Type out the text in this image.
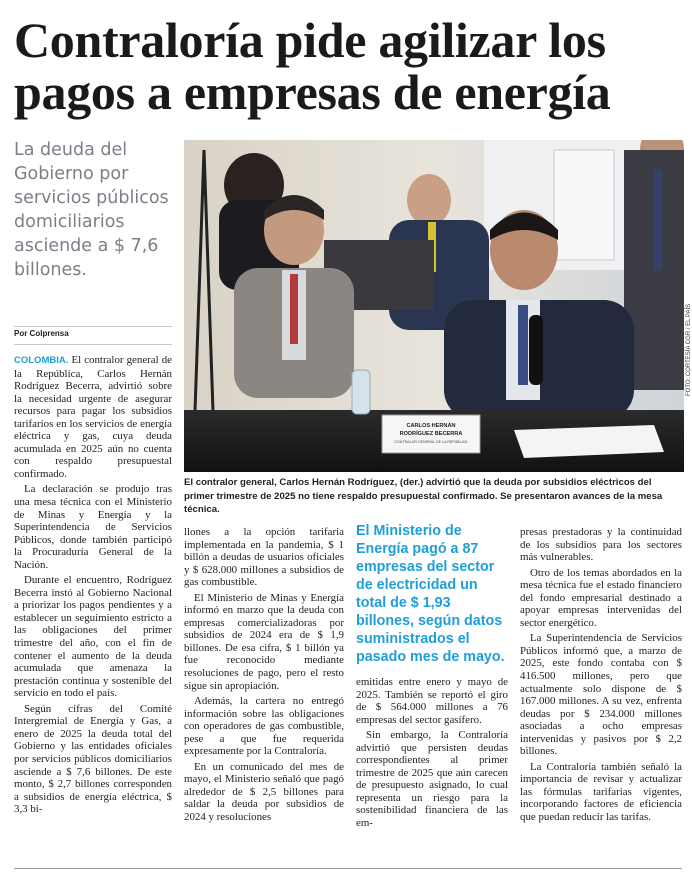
Contraloría pide agilizar los
pagos a empresas de energía
La deuda del Gobierno por servicios públicos domiciliarios asciende a $ 7,6 billones.
Por Colprensa
CARLOS HERNÁN
RODRÍGUEZ BECERRA
CONTRALOR GENERAL DE LA REPÚBLICA
FOTO: CORTESÍA CGR / EL PAÍS
El contralor general, Carlos Hernán Rodríguez, (der.) advirtió que la deuda por subsidios eléctricos del primer trimestre de 2025 no tiene respaldo presupuestal confirmado. Se presentaron avances de la mesa técnica.

COLOMBIA. El contralor general de la República, Carlos Hernán Rodríguez Becerra, advirtió sobre la necesidad urgente de asegurar recursos para pagar los subsidios tarifarios en los servicios de energía eléctrica y gas, cuya deuda acumulada en 2025 aún no cuenta con respaldo presupuestal confirmado.

La declaración se produjo tras una mesa técnica con el Ministerio de Minas y Energía y la Superintendencia de Servicios Públicos, donde también participó la Procuraduría General de la Nación.

Durante el encuentro, Rodríguez Becerra instó al Gobierno Nacional a priorizar los pagos pendientes y a establecer un seguimiento estricto a las obligaciones del primer trimestre del año, con el fin de contener el aumento de la deuda acumulada que amenaza la prestación continua y sostenible del servicio en todo el país.

Según cifras del Comité Intergremial de Energía y Gas, a enero de 2025 la deuda total del Gobierno y las entidades oficiales por servicios públicos domiciliarios asciende a $ 7,6 billones. De este monto, $ 2,7 billones corresponden a subsidios de energía eléctrica, $ 3,3 bi-

llones a la opción tarifaria implementada en la pandemia, $ 1 billón a deudas de usuarios oficiales y $ 628.000 millones a subsidios de gas combustible.

El Ministerio de Minas y Energía informó en marzo que la deuda con empresas comercializadoras por subsidios de 2024 era de $ 1,9 billones. De esa cifra, $ 1 billón ya fue reconocido mediante resoluciones de pago, pero el resto sigue sin apropiación.

Además, la cartera no entregó información sobre las obligaciones con operadores de gas combustible, pese a que fue requerida expresamente por la Contraloría.

En un comunicado del mes de mayo, el Ministerio señaló que pagó alrededor de $ 2,5 billones para saldar la deuda por subsidios de 2024 y resoluciones

El Ministerio de Energía pagó a 87 empresas del sector de electricidad un total de $ 1,93 billones, según datos suministrados el pasado mes de mayo.

emitidas entre enero y mayo de 2025. También se reportó el giro de $ 564.000 millones a 76 empresas del sector gasífero.

Sin embargo, la Contraloría advirtió que persisten deudas correspondientes al primer trimestre de 2025 que aún carecen de presupuesto asignado, lo cual representa un riesgo para la sostenibilidad financiera de las em-

presas prestadoras y la continuidad de los subsidios para los sectores más vulnerables.

Otro de los temas abordados en la mesa técnica fue el estado financiero del fondo empresarial destinado a apoyar empresas intervenidas del sector energético.

La Superintendencia de Servicios Públicos informó que, a marzo de 2025, este fondo contaba con $ 416.500 millones, pero que actualmente solo dispone de $ 167.000 millones. A su vez, enfrenta deudas por $ 234.000 millones asociadas a ocho empresas intervenidas y pasivos por $ 2,2 billones.

La Contraloría también señaló la importancia de revisar y actualizar las fórmulas tarifarias vigentes, incorporando factores de eficiencia que puedan reducir las tarifas.
